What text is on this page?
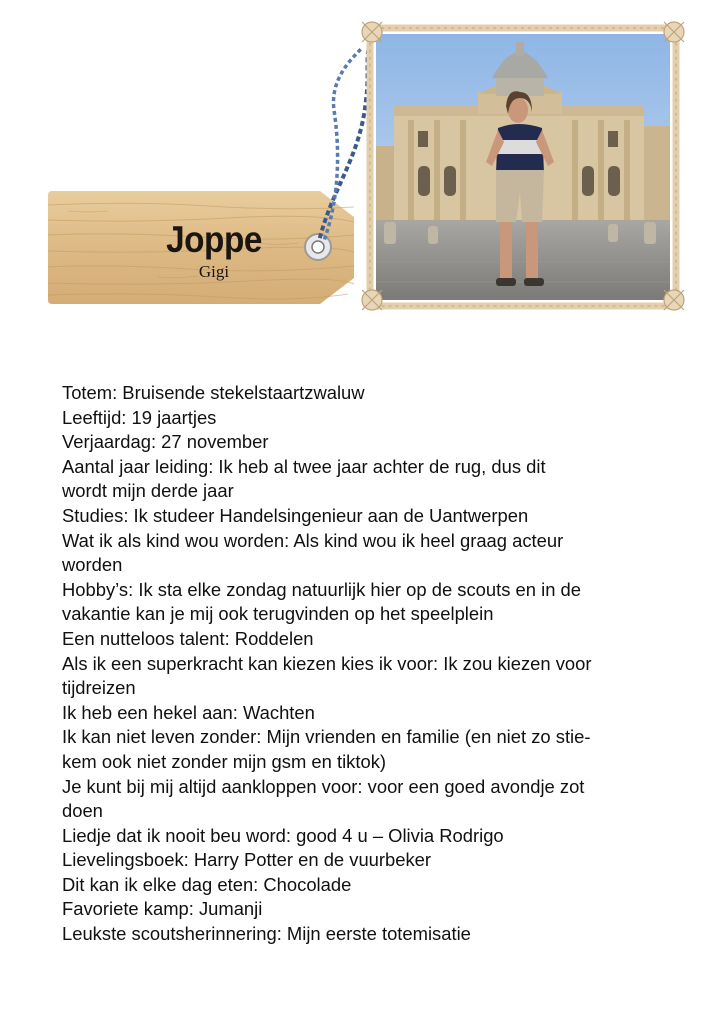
Joppe
Gigi

Totem: Bruisende stekelstaartzwaluw

Leeftijd: 19 jaartjes

Verjaardag: 27 november

Aantal jaar leiding: Ik heb al twee jaar achter de rug, dus dit

wordt mijn derde jaar

Studies: Ik studeer Handelsingenieur aan de Uantwerpen

Wat ik als kind wou worden: Als kind wou ik heel graag acteur

worden

Hobby’s: Ik sta elke zondag natuurlijk hier op de scouts en in de

vakantie kan je mij ook terugvinden op het speelplein

Een nutteloos talent: Roddelen

Als ik een superkracht kan kiezen kies ik voor: Ik zou kiezen voor

tijdreizen

Ik heb een hekel aan: Wachten

Ik kan niet leven zonder: Mijn vrienden en familie (en niet zo stie-

kem ook niet zonder mijn gsm en tiktok)

Je kunt bij mij altijd aankloppen voor: voor een goed avondje zot

doen

Liedje dat ik nooit beu word: good 4 u – Olivia Rodrigo

Lievelingsboek: Harry Potter en de vuurbeker

Dit kan ik elke dag eten: Chocolade

Favoriete kamp: Jumanji

Leukste scoutsherinnering: Mijn eerste totemisatie
